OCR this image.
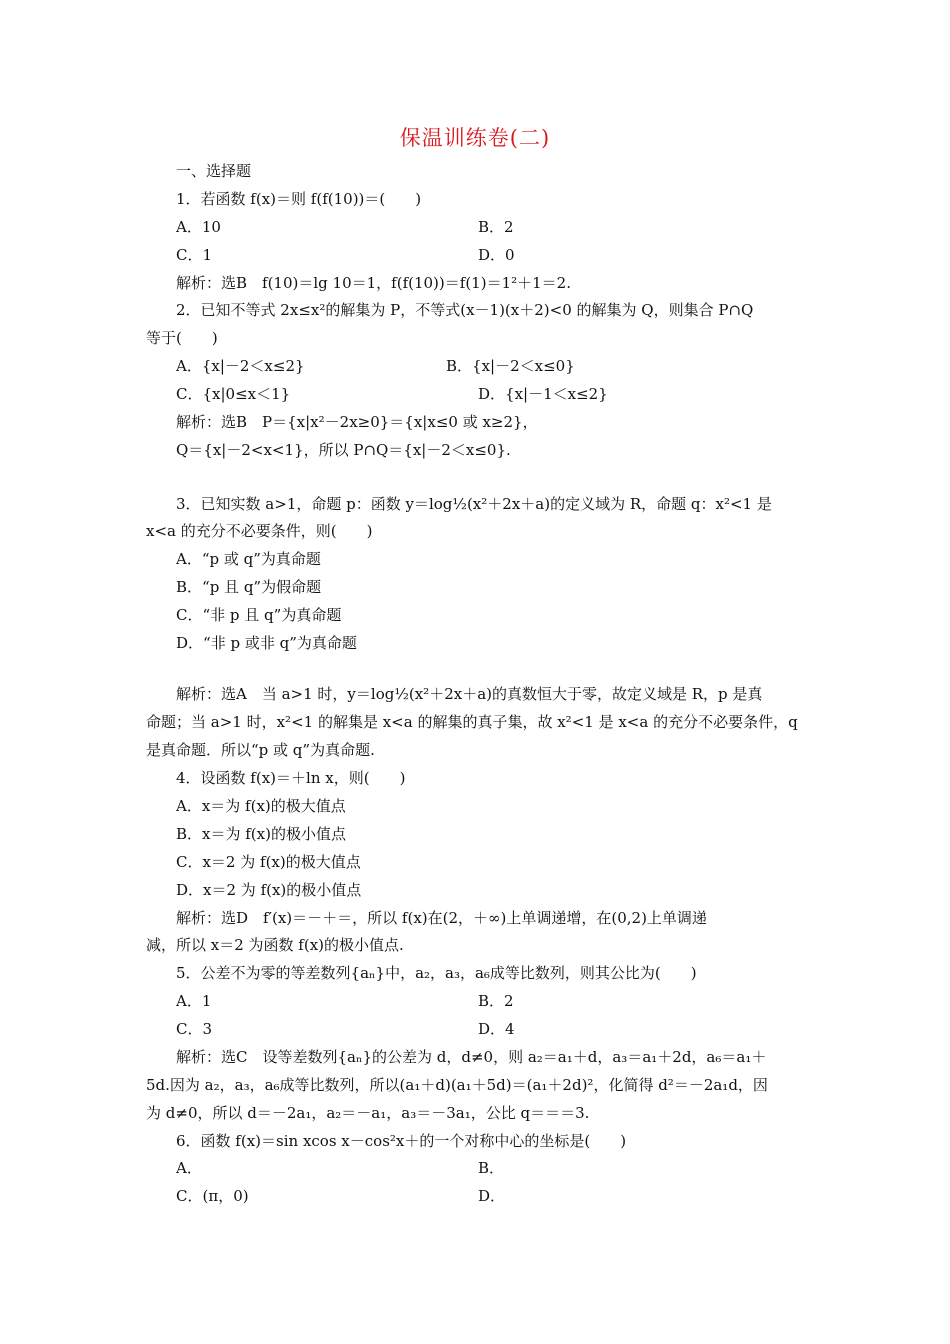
保温训练卷(二)
一、选择题
1．若函数 f(x)＝则 f(f(10))＝(　　)
A．10	B．2
C．1	D．0
解析：选B　f(10)＝lg 10＝1，f(f(10))＝f(1)＝1²＋1＝2.
2．已知不等式 2x≤x²的解集为 P，不等式(x－1)(x＋2)<0 的解集为 Q，则集合 P∩Q
等于(　　)
A．{x|－2＜x≤2}	B．{x|－2＜x≤0}
C．{x|0≤x＜1}	D．{x|－1＜x≤2}
解析：选B　P＝{x|x²－2x≥0}＝{x|x≤0 或 x≥2}，
Q＝{x|－2<x<1}，所以 P∩Q＝{x|－2＜x≤0}.
3．已知实数 a>1，命题 p：函数 y＝log½(x²＋2x＋a)的定义域为 R，命题 q：x²<1 是
x<a 的充分不必要条件，则(　　)
A．“p 或 q”为真命题
B．“p 且 q”为假命题
C．“非 p 且 q”为真命题
D．“非 p 或非 q”为真命题
解析：选A　当 a>1 时，y＝log½(x²＋2x＋a)的真数恒大于零，故定义域是 R，p 是真
命题；当 a>1 时，x²<1 的解集是 x<a 的解集的真子集，故 x²<1 是 x<a 的充分不必要条件，q
是真命题．所以“p 或 q”为真命题.
4．设函数 f(x)＝＋ln x，则(　　)
A．x＝为 f(x)的极大值点
B．x＝为 f(x)的极小值点
C．x＝2 为 f(x)的极大值点
D．x＝2 为 f(x)的极小值点
解析：选D　f′(x)＝－＋＝，所以 f(x)在(2，＋∞)上单调递增，在(0,2)上单调递
减，所以 x＝2 为函数 f(x)的极小值点.
5．公差不为零的等差数列{aₙ}中，a₂，a₃，a₆成等比数列，则其公比为(　　)
A．1	B．2
C．3	D．4
解析：选C　设等差数列{aₙ}的公差为 d，d≠0，则 a₂＝a₁＋d，a₃＝a₁＋2d，a₆＝a₁＋
5d.因为 a₂，a₃，a₆成等比数列，所以(a₁＋d)(a₁＋5d)＝(a₁＋2d)²，化简得 d²＝－2a₁d，因
为 d≠0，所以 d＝－2a₁，a₂＝－a₁，a₃＝－3a₁，公比 q＝＝＝3.
6．函数 f(x)＝sin xcos x－cos²x＋的一个对称中心的坐标是(　　)
A．	B．
C．(π，0)	D．
